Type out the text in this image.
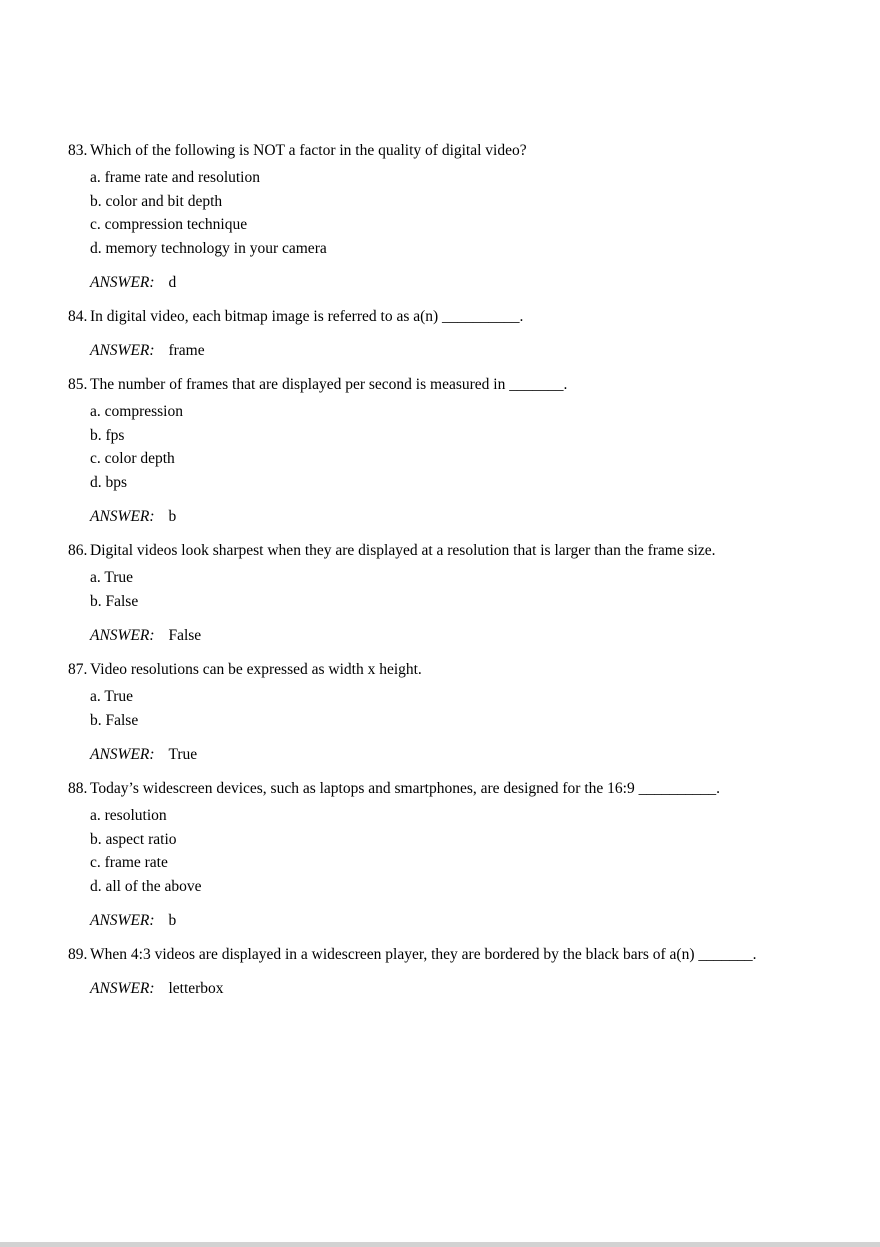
83. Which of the following is NOT a factor in the quality of digital video?
a. frame rate and resolution
b. color and bit depth
c. compression technique
d. memory technology in your camera
ANSWER: d
84. In digital video, each bitmap image is referred to as a(n) __________.
ANSWER: frame
85. The number of frames that are displayed per second is measured in _______.
a. compression
b. fps
c. color depth
d. bps
ANSWER: b
86. Digital videos look sharpest when they are displayed at a resolution that is larger than the frame size.
a. True
b. False
ANSWER: False
87. Video resolutions can be expressed as width x height.
a. True
b. False
ANSWER: True
88. Today’s widescreen devices, such as laptops and smartphones, are designed for the 16:9 __________.
a. resolution
b. aspect ratio
c. frame rate
d. all of the above
ANSWER: b
89. When 4:3 videos are displayed in a widescreen player, they are bordered by the black bars of a(n) _______.
ANSWER: letterbox
